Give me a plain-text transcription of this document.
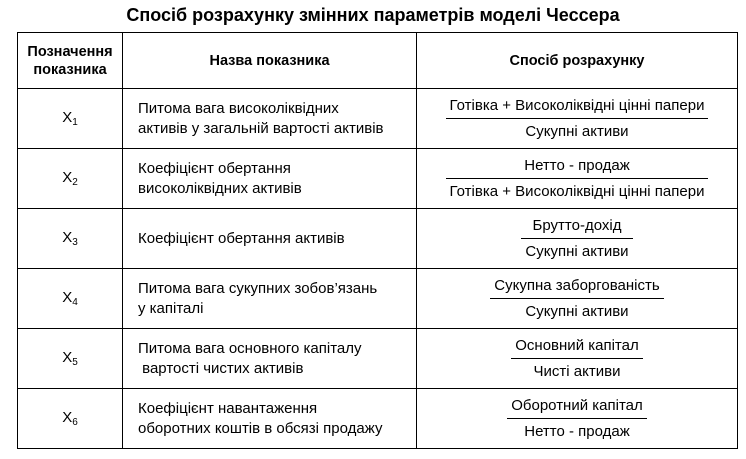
Спосіб розрахунку змінних параметрів моделі Чессера
Позначення
показника	Назва показника	Спосіб розрахунку
$X_1$	Питома вага високоліквідних
активів у загальній вартості активів	$\frac{\text{Готівка + Високоліквідні цінні папери}}{\text{Сукупні активи}}$

$X_2$	Коефіцієнт обертання
високоліквідних активів	$\frac{\text{Нетто - продаж}}{\text{Готівка + Високоліквідні цінні папери}}$

$X_3$	Коефіцієнт обертання активів	$\frac{\text{Брутто-дохід}}{\text{Сукупні активи}}$

$X_4$	Питома вага сукупних зобов’язань
у капіталі	$\frac{\text{Сукупна заборгованість}}{\text{Сукупні активи}}$

$X_5$	Питома вага основного капіталу
вартості чистих активів	$\frac{\text{Основний капітал}}{\text{Чисті активи}}$

$X_6$	Коефіцієнт навантаження
оборотних коштів в обсязі продажу	$\frac{\text{Оборотний капітал}}{\text{Нетто - продаж}}$
